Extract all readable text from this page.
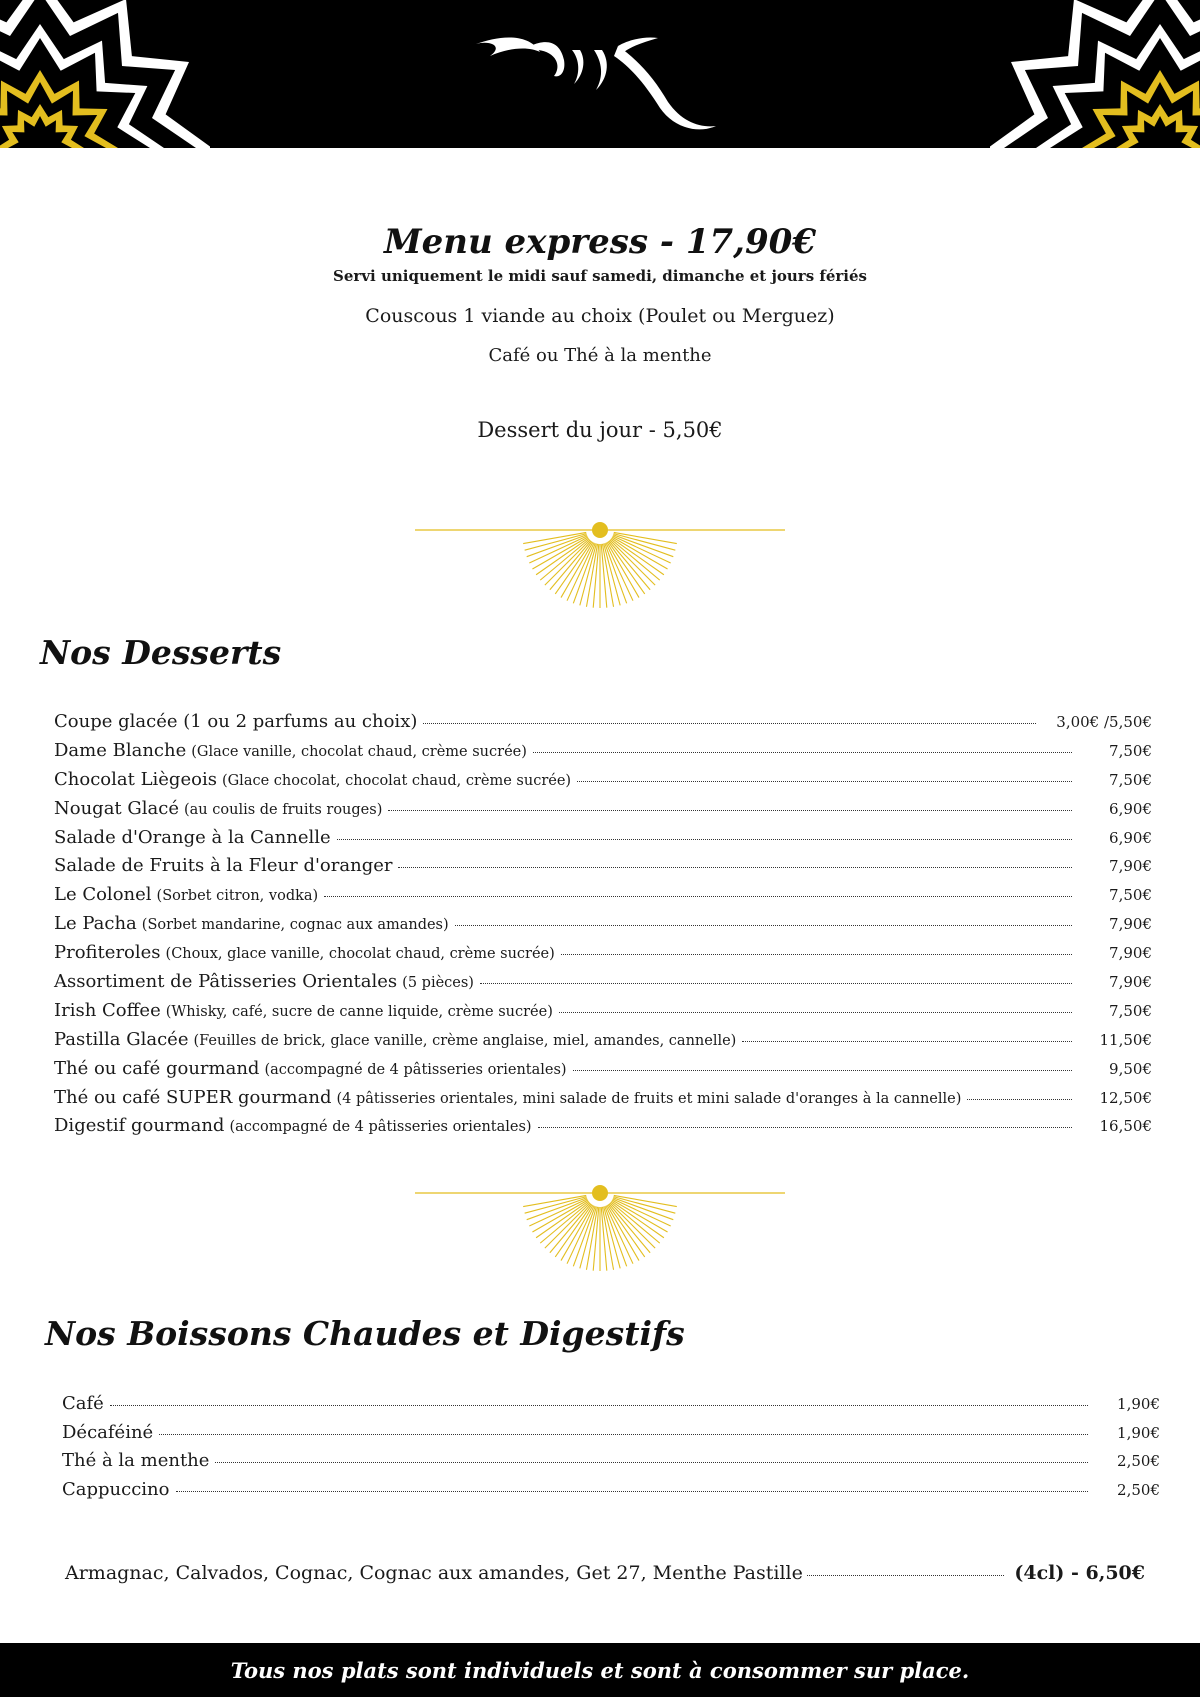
Menu express - 17,90€
Servi uniquement le midi sauf samedi, dimanche et jours fériés
Couscous 1 viande au choix (Poulet ou Merguez)
Café ou Thé à la menthe
Dessert du jour - 5,50€
Nos Desserts
Coupe glacée (1 ou 2 parfums au choix)	3,00€ /5,50€
Dame Blanche (Glace vanille, chocolat chaud, crème sucrée)	7,50€
Chocolat Liègeois (Glace chocolat, chocolat chaud, crème sucrée)	7,50€
Nougat Glacé (au coulis de fruits rouges)	6,90€
Salade d'Orange à la Cannelle	6,90€
Salade de Fruits à la Fleur d'oranger	7,90€
Le Colonel (Sorbet citron, vodka)	7,50€
Le Pacha (Sorbet mandarine, cognac aux amandes)	7,90€
Profiteroles (Choux, glace vanille, chocolat chaud, crème sucrée)	7,90€
Assortiment de Pâtisseries Orientales (5 pièces)	7,90€
Irish Coffee (Whisky, café, sucre de canne liquide, crème sucrée)	7,50€
Pastilla Glacée (Feuilles de brick, glace vanille, crème anglaise, miel, amandes, cannelle)	11,50€
Thé ou café gourmand (accompagné de 4 pâtisseries orientales)	9,50€
Thé ou café SUPER gourmand (4 pâtisseries orientales, mini salade de fruits et mini salade d'oranges à la cannelle)	12,50€
Digestif gourmand (accompagné de 4 pâtisseries orientales)	16,50€
Nos Boissons Chaudes et Digestifs
Café	1,90€
Décaféiné	1,90€
Thé à la menthe	2,50€
Cappuccino	2,50€
Armagnac, Calvados, Cognac, Cognac aux amandes, Get 27, Menthe Pastille	(4cl) - 6,50€
Tous nos plats sont individuels et sont à consommer sur place.
